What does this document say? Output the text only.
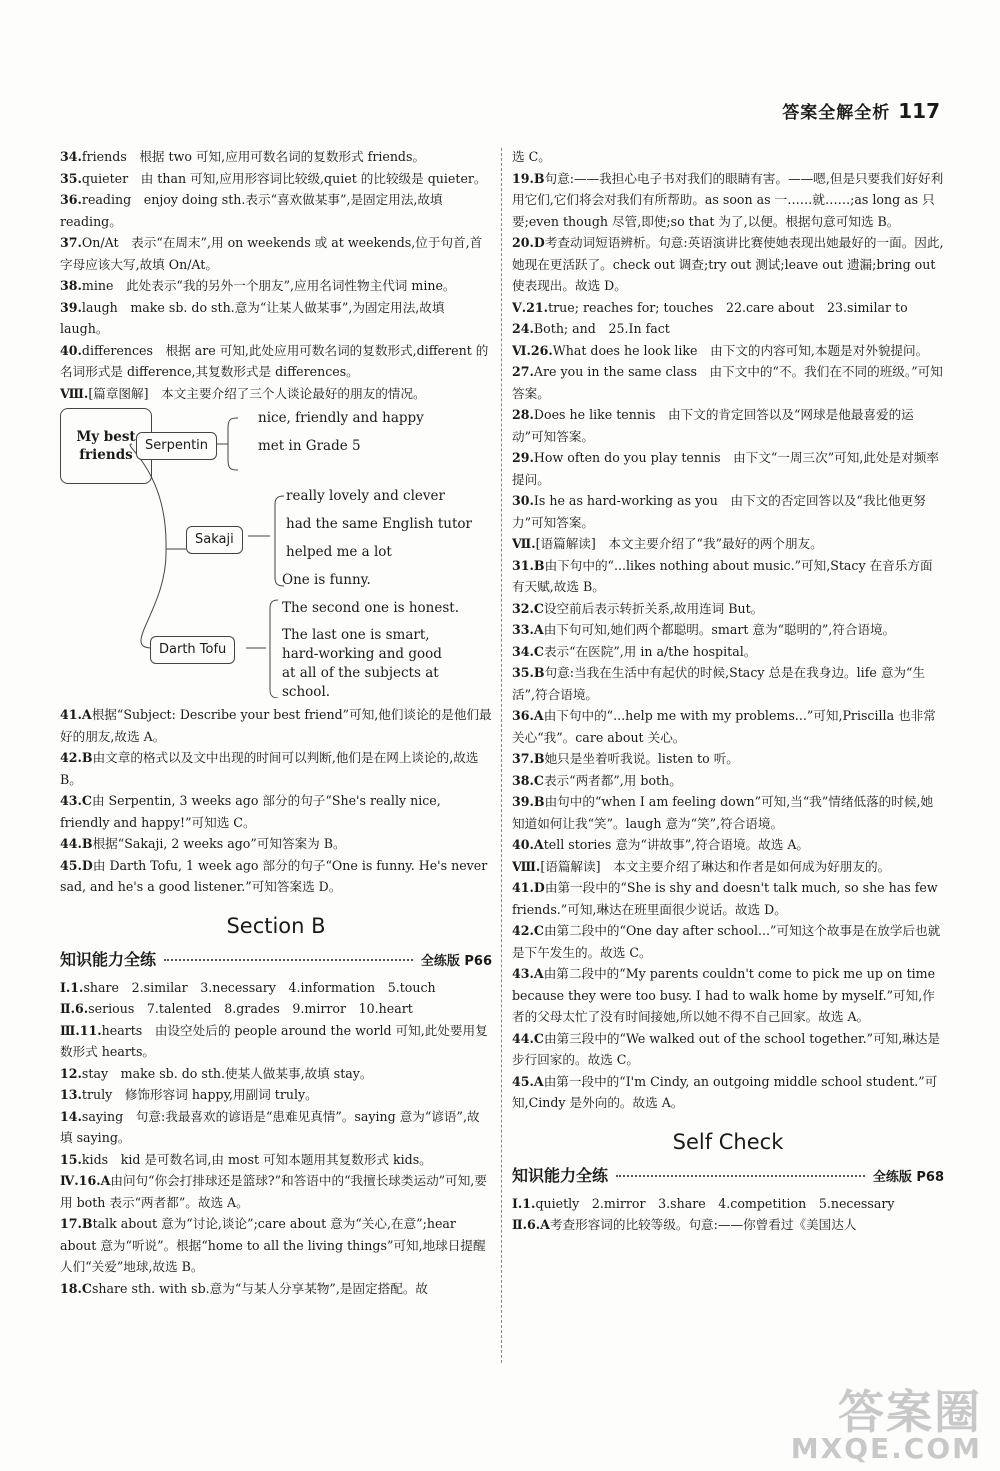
答案全解全析 117

34.friends　根据 two 可知,应用可数名词的复数形式 friends。

35.quieter　由 than 可知,应用形容词比较级,quiet 的比较级是 quieter。

36.reading　enjoy doing sth.表示“喜欢做某事”,是固定用法,故填 reading。

37.On/At　表示“在周末”,用 on weekends 或 at weekends,位于句首,首字母应该大写,故填 On/At。

38.mine　此处表示“我的另外一个朋友”,应用名词性物主代词 mine。

39.laugh　make sb. do sth.意为“让某人做某事”,为固定用法,故填 laugh。

40.differences　根据 are 可知,此处应用可数名词的复数形式,different 的名词形式是 difference,其复数形式是 differences。

Ⅷ.[篇章图解]　本文主要介绍了三个人谈论最好的朋友的情况。

My best friends
Serpentin
nice, friendly and happy
met in Grade 5
Sakaji
really lovely and clever
had the same English tutor
helped me a lot
Darth Tofu
One is funny.
The second one is honest.
The last one is smart, hard-working and good at all of the subjects at school.

41.A根据“Subject: Describe your best friend”可知,他们谈论的是他们最好的朋友,故选 A。

42.B由文章的格式以及文中出现的时间可以判断,他们是在网上谈论的,故选 B。

43.C由 Serpentin, 3 weeks ago 部分的句子“She's really nice, friendly and happy!”可知选 C。

44.B根据“Sakaji, 2 weeks ago”可知答案为 B。

45.D由 Darth Tofu, 1 week ago 部分的句子“One is funny. He's never sad, and he's a good listener.”可知答案选 D。

Section B
知识能力全练	全练版 P66

Ⅰ.1.share　2.similar　3.necessary　4.information　5.touch

Ⅱ.6.serious　7.talented　8.grades　9.mirror　10.heart

Ⅲ.11.hearts　由设空处后的 people around the world 可知,此处要用复数形式 hearts。

12.stay　make sb. do sth.使某人做某事,故填 stay。

13.truly　修饰形容词 happy,用副词 truly。

14.saying　句意:我最喜欢的谚语是“患难见真情”。saying 意为“谚语”,故填 saying。

15.kids　kid 是可数名词,由 most 可知本题用其复数形式 kids。

Ⅳ.16.A由问句“你会打排球还是篮球?”和答语中的“我擅长球类运动”可知,要用 both 表示“两者都”。故选 A。

17.Btalk about 意为“讨论,谈论”;care about 意为“关心,在意”;hear about 意为“听说”。根据“home to all the living things”可知,地球日提醒人们“关爱”地球,故选 B。

18.Cshare sth. with sb.意为“与某人分享某物”,是固定搭配。故

选 C。

19.B句意:——我担心电子书对我们的眼睛有害。——嗯,但是只要我们好好利用它们,它们将会对我们有所帮助。as soon as 一……就……;as long as 只要;even though 尽管,即使;so that 为了,以便。根据句意可知选 B。

20.D考查动词短语辨析。句意:英语演讲比赛使她表现出她最好的一面。因此,她现在更活跃了。check out 调查;try out 测试;leave out 遗漏;bring out 使表现出。故选 D。

Ⅴ.21.true; reaches for; touches　22.care about　23.similar to

24.Both; and　25.In fact

Ⅵ.26.What does he look like　由下文的内容可知,本题是对外貌提问。

27.Are you in the same class　由下文中的“不。我们在不同的班级。”可知答案。

28.Does he like tennis　由下文的肯定回答以及“网球是他最喜爱的运动”可知答案。

29.How often do you play tennis　由下文“一周三次”可知,此处是对频率提问。

30.Is he as hard-working as you　由下文的否定回答以及“我比他更努力”可知答案。

Ⅶ.[语篇解读]　本文主要介绍了“我”最好的两个朋友。

31.B由下句中的“...likes nothing about music.”可知,Stacy 在音乐方面有天赋,故选 B。

32.C设空前后表示转折关系,故用连词 But。

33.A由下句可知,她们两个都聪明。smart 意为“聪明的”,符合语境。

34.C表示“在医院”,用 in a/the hospital。

35.B句意:当我在生活中有起伏的时候,Stacy 总是在我身边。life 意为“生活”,符合语境。

36.A由下句中的“...help me with my problems...”可知,Priscilla 也非常关心“我”。care about 关心。

37.B她只是坐着听我说。listen to 听。

38.C表示“两者都”,用 both。

39.B由句中的“when I am feeling down”可知,当“我”情绪低落的时候,她知道如何让我“笑”。laugh 意为“笑”,符合语境。

40.Atell stories 意为“讲故事”,符合语境。故选 A。

Ⅷ.[语篇解读]　本文主要介绍了琳达和作者是如何成为好朋友的。

41.D由第一段中的“She is shy and doesn't talk much, so she has few friends.”可知,琳达在班里面很少说话。故选 D。

42.C由第二段中的“One day after school...”可知这个故事是在放学后也就是下午发生的。故选 C。

43.A由第二段中的“My parents couldn't come to pick me up on time because they were too busy. I had to walk home by myself.”可知,作者的父母太忙了没有时间接她,所以她不得不自己回家。故选 A。

44.C由第三段中的“We walked out of the school together.”可知,琳达是步行回家的。故选 C。

45.A由第一段中的“I'm Cindy, an outgoing middle school student.”可知,Cindy 是外向的。故选 A。

Self Check
知识能力全练	全练版 P68

Ⅰ.1.quietly　2.mirror　3.share　4.competition　5.necessary

Ⅱ.6.A考查形容词的比较等级。句意:——你曾看过《美国达人

答案圈
MXQE.COM
